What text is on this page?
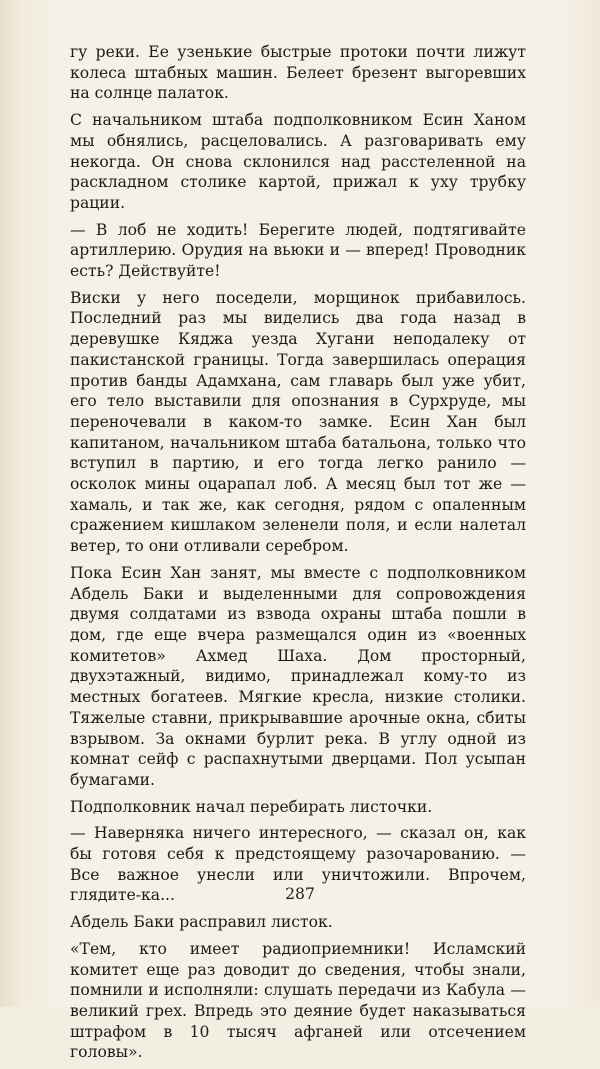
гу реки. Ее узенькие быстрые протоки почти лижут колеса штабных машин. Белеет брезент выгоревших на солнце палаток.

С начальником штаба подполковником Есин Ханом мы обнялись, расцеловались. А разговаривать ему некогда. Он снова склонился над расстеленной на раскладном столике картой, прижал к уху трубку рации.

— В лоб не ходить! Берегите людей, подтягивайте артиллерию. Орудия на вьюки и — вперед! Проводник есть? Действуйте!

Виски у него поседели, морщинок прибавилось. Последний раз мы виделись два года назад в деревушке Кяджа уезда Хугани неподалеку от пакистанской границы. Тогда завершилась операция против банды Адамхана, сам главарь был уже убит, его тело выставили для опознания в Сурхруде, мы переночевали в каком-то замке. Есин Хан был капитаном, начальником штаба батальона, только что вступил в партию, и его тогда легко ранило — осколок мины оцарапал лоб. А месяц был тот же — хамаль, и так же, как сегодня, рядом с опаленным сражением кишлаком зеленели поля, и если налетал ветер, то они отливали серебром.

Пока Есин Хан занят, мы вместе с подполковником Абдель Баки и выделенными для сопровождения двумя солдатами из взвода охраны штаба пошли в дом, где еще вчера размещался один из «военных комитетов» Ахмед Шаха. Дом просторный, двухэтажный, видимо, принадлежал кому-то из местных богатеев. Мягкие кресла, низкие столики. Тяжелые ставни, прикрывавшие арочные окна, сбиты взрывом. За окнами бурлит река. В углу одной из комнат сейф с распахнутыми дверцами. Пол усыпан бумагами.

Подполковник начал перебирать листочки.

— Наверняка ничего интересного, — сказал он, как бы готовя себя к предстоящему разочарованию. — Все важное унесли или уничтожили. Впрочем, глядите-ка...

Абдель Баки расправил листок.

«Тем, кто имеет радиоприемники! Исламский комитет еще раз доводит до сведения, чтобы знали, помнили и исполняли: слушать передачи из Кабула — великий грех. Впредь это деяние будет наказываться штрафом в 10 тысяч афганей или отсечением головы».

287
